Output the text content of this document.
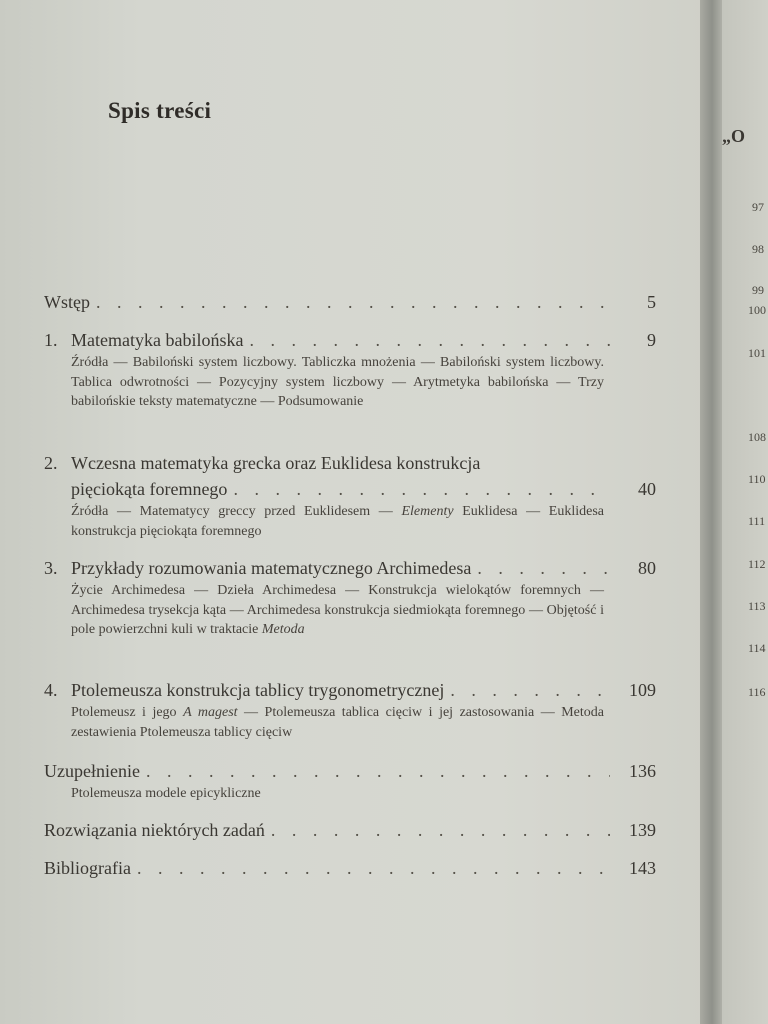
Spis treści
Wstęp . . .	5
1. Matematyka babilońska . . .	9
Źródła — Babiloński system liczbowy. Tabliczka mnożenia — Babiloński system liczbowy. Tablica odwrotności — Pozycyjny system liczbowy — Arytmetyka babilońska — Trzy babilońskie teksty matematyczne — Podsumowanie
2. Wczesna matematyka grecka oraz Euklidesa konstrukcja
pięciokąta foremnego . . .	40
Źródła — Matematycy greccy przed Euklidesem — Elementy Euklidesa — Euklidesa konstrukcja pięciokąta foremnego
3. Przykłady rozumowania matematycznego Archimedesa . . .	80
Życie Archimedesa — Dzieła Archimedesa — Konstrukcja wielokątów foremnych — Archimedesa trysekcja kąta — Archimedesa konstrukcja siedmiokąta foremnego — Objętość i pole powierzchni kuli w traktacie Metoda
4. Ptolemeusza konstrukcja tablicy trygonometrycznej . . .	109
Ptolemeusz i jego A magest — Ptolemeusza tablica cięciw i jej zastosowania — Metoda zestawienia Ptolemeusza tablicy cięciw
Uzupełnienie . . .	136
Ptolemeusza modele epicykliczne
Rozwiązania niektórych zadań . . .	139
Bibliografia . . .	143
„O
97
98
99
100
101
108
110
111
112
113
114
116
